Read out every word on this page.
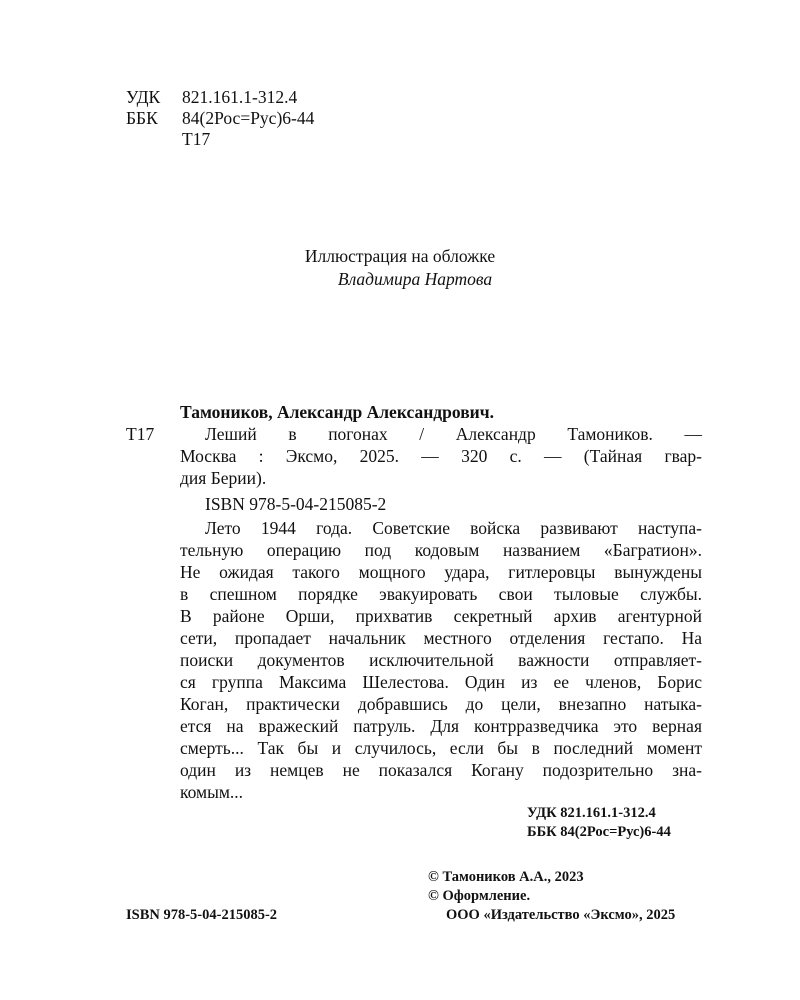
УДК 821.161.1-312.4
ББК 84(2Рос=Рус)6-44
Т17
Иллюстрация на обложке
Владимира Нартова
Тамоников, Александр Александрович.
Т17	Леший в погонах / Александр Тамоников. —
Москва : Эксмо, 2025. — 320 с. — (Тайная гвар-
дия Берии).
ISBN 978-5-04-215085-2
Лето 1944 года. Советские войска развивают наступа-
тельную операцию под кодовым названием «Багратион».
Не ожидая такого мощного удара, гитлеровцы вынуждены
в спешном порядке эвакуировать свои тыловые службы.
В районе Орши, прихватив секретный архив агентурной
сети, пропадает начальник местного отделения гестапо. На
поиски документов исключительной важности отправляет-
ся группа Максима Шелестова. Один из ее членов, Борис
Коган, практически добравшись до цели, внезапно натыка-
ется на вражеский патруль. Для контрразведчика это верная
смерть... Так бы и случилось, если бы в последний момент
один из немцев не показался Когану подозрительно зна-
комым...
УДК 821.161.1-312.4
ББК 84(2Рос=Рус)6-44
© Тамоников А.А., 2023
© Оформление.
ISBN 978-5-04-215085-2	ООО «Издательство «Эксмо», 2025
